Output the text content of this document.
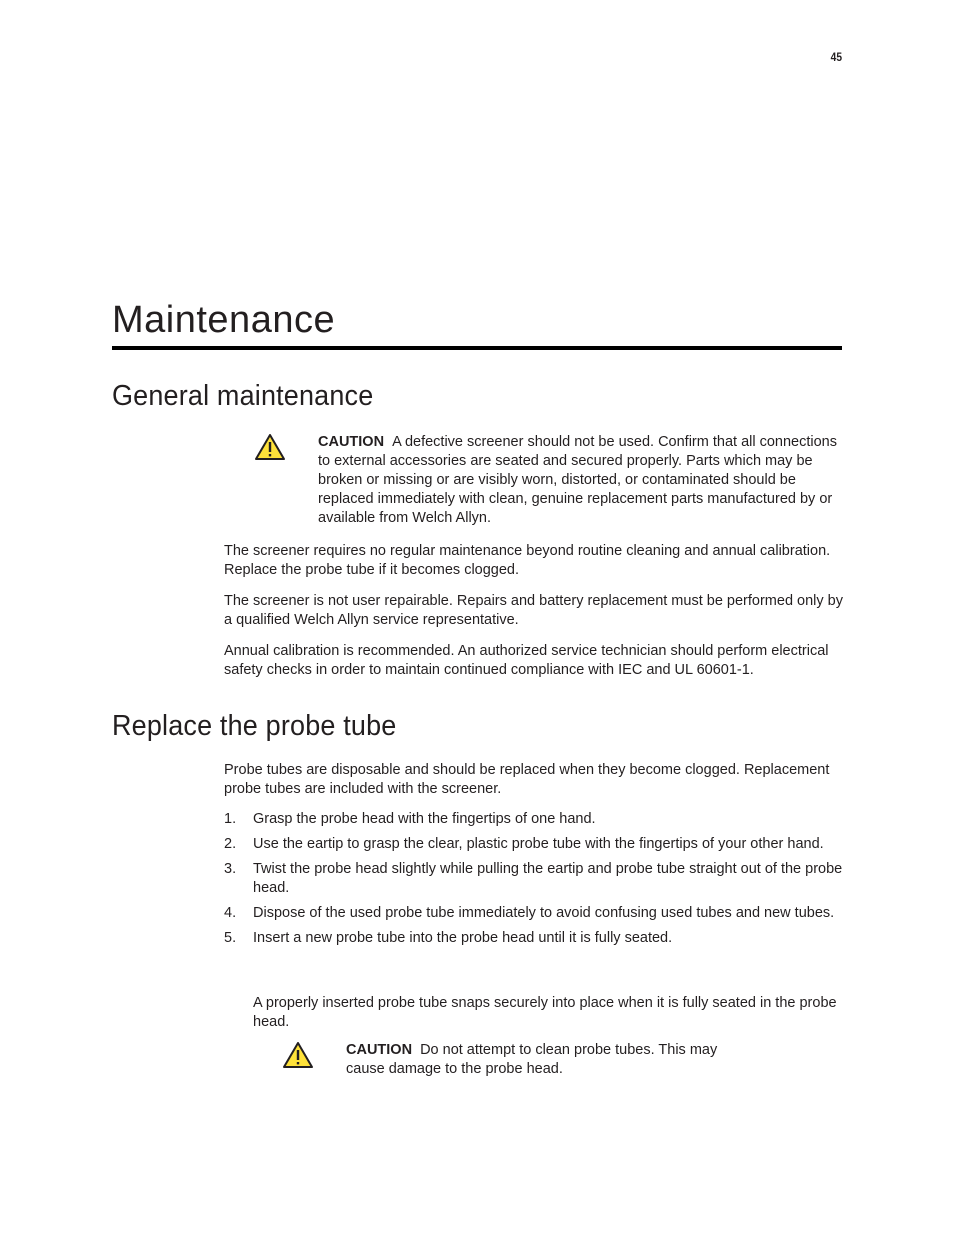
45
Maintenance
General maintenance
CAUTION A defective screener should not be used. Confirm that all connections to external accessories are seated and secured properly. Parts which may be broken or missing or are visibly worn, distorted, or contaminated should be replaced immediately with clean, genuine replacement parts manufactured by or available from Welch Allyn.

The screener requires no regular maintenance beyond routine cleaning and annual calibration. Replace the probe tube if it becomes clogged.

The screener is not user repairable. Repairs and battery replacement must be performed only by a qualified Welch Allyn service representative.

Annual calibration is recommended. An authorized service technician should perform electrical safety checks in order to maintain continued compliance with IEC and UL 60601-1.

Replace the probe tube

Probe tubes are disposable and should be replaced when they become clogged. Replacement probe tubes are included with the screener.

1. Grasp the probe head with the fingertips of one hand.
2. Use the eartip to grasp the clear, plastic probe tube with the fingertips of your other hand.
3. Twist the probe head slightly while pulling the eartip and probe tube straight out of the probe head.
4. Dispose of the used probe tube immediately to avoid confusing used tubes and new tubes.
5. Insert a new probe tube into the probe head until it is fully seated.

A properly inserted probe tube snaps securely into place when it is fully seated in the probe head.

CAUTION Do not attempt to clean probe tubes. This may cause damage to the probe head.
